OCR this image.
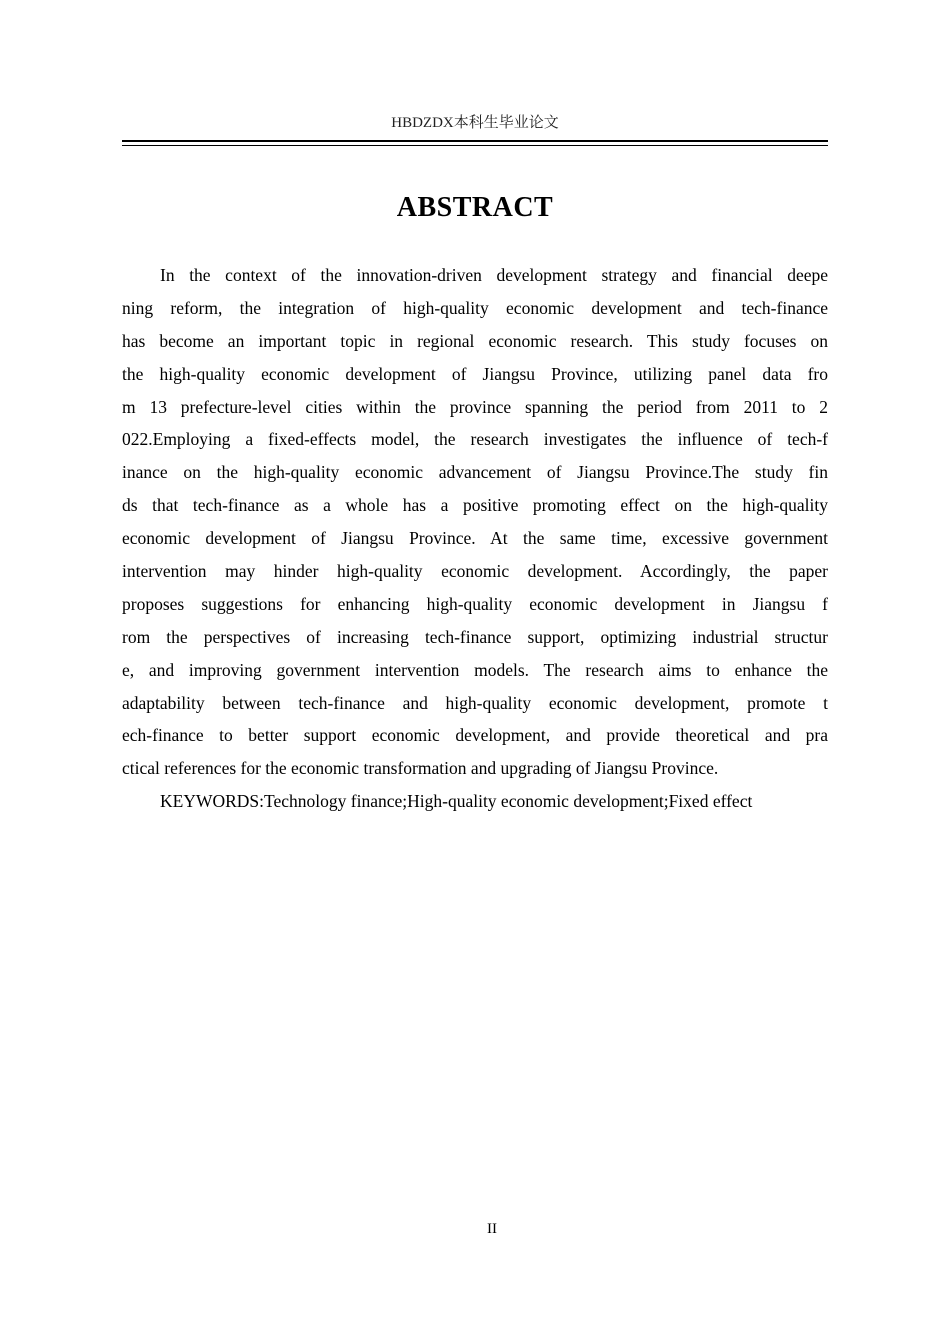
HBDZDX本科生毕业论文
ABSTRACT
In the context of the innovation-driven development strategy and financial deepe
ning reform, the integration of high-quality economic development and tech-finance
has become an important topic in regional economic research. This study focuses on
the high-quality economic development of Jiangsu Province, utilizing panel data fro
m 13 prefecture-level cities within the province spanning the period from 2011 to 2
022.Employing a fixed-effects model, the research investigates the influence of tech-f
inance on the high-quality economic advancement of Jiangsu Province.The study fin
ds that tech-finance as a whole has a positive promoting effect on the high-quality
economic development of Jiangsu Province. At the same time, excessive government
intervention may hinder high-quality economic development. Accordingly, the paper
proposes suggestions for enhancing high-quality economic development in Jiangsu f
rom the perspectives of increasing tech-finance support, optimizing industrial structur
e, and improving government intervention models. The research aims to enhance the
adaptability between tech-finance and high-quality economic development, promote t
ech-finance to better support economic development, and provide theoretical and pra
ctical references for the economic transformation and upgrading of Jiangsu Province.
KEYWORDS:Technology finance;High-quality economic development;Fixed effect
II
